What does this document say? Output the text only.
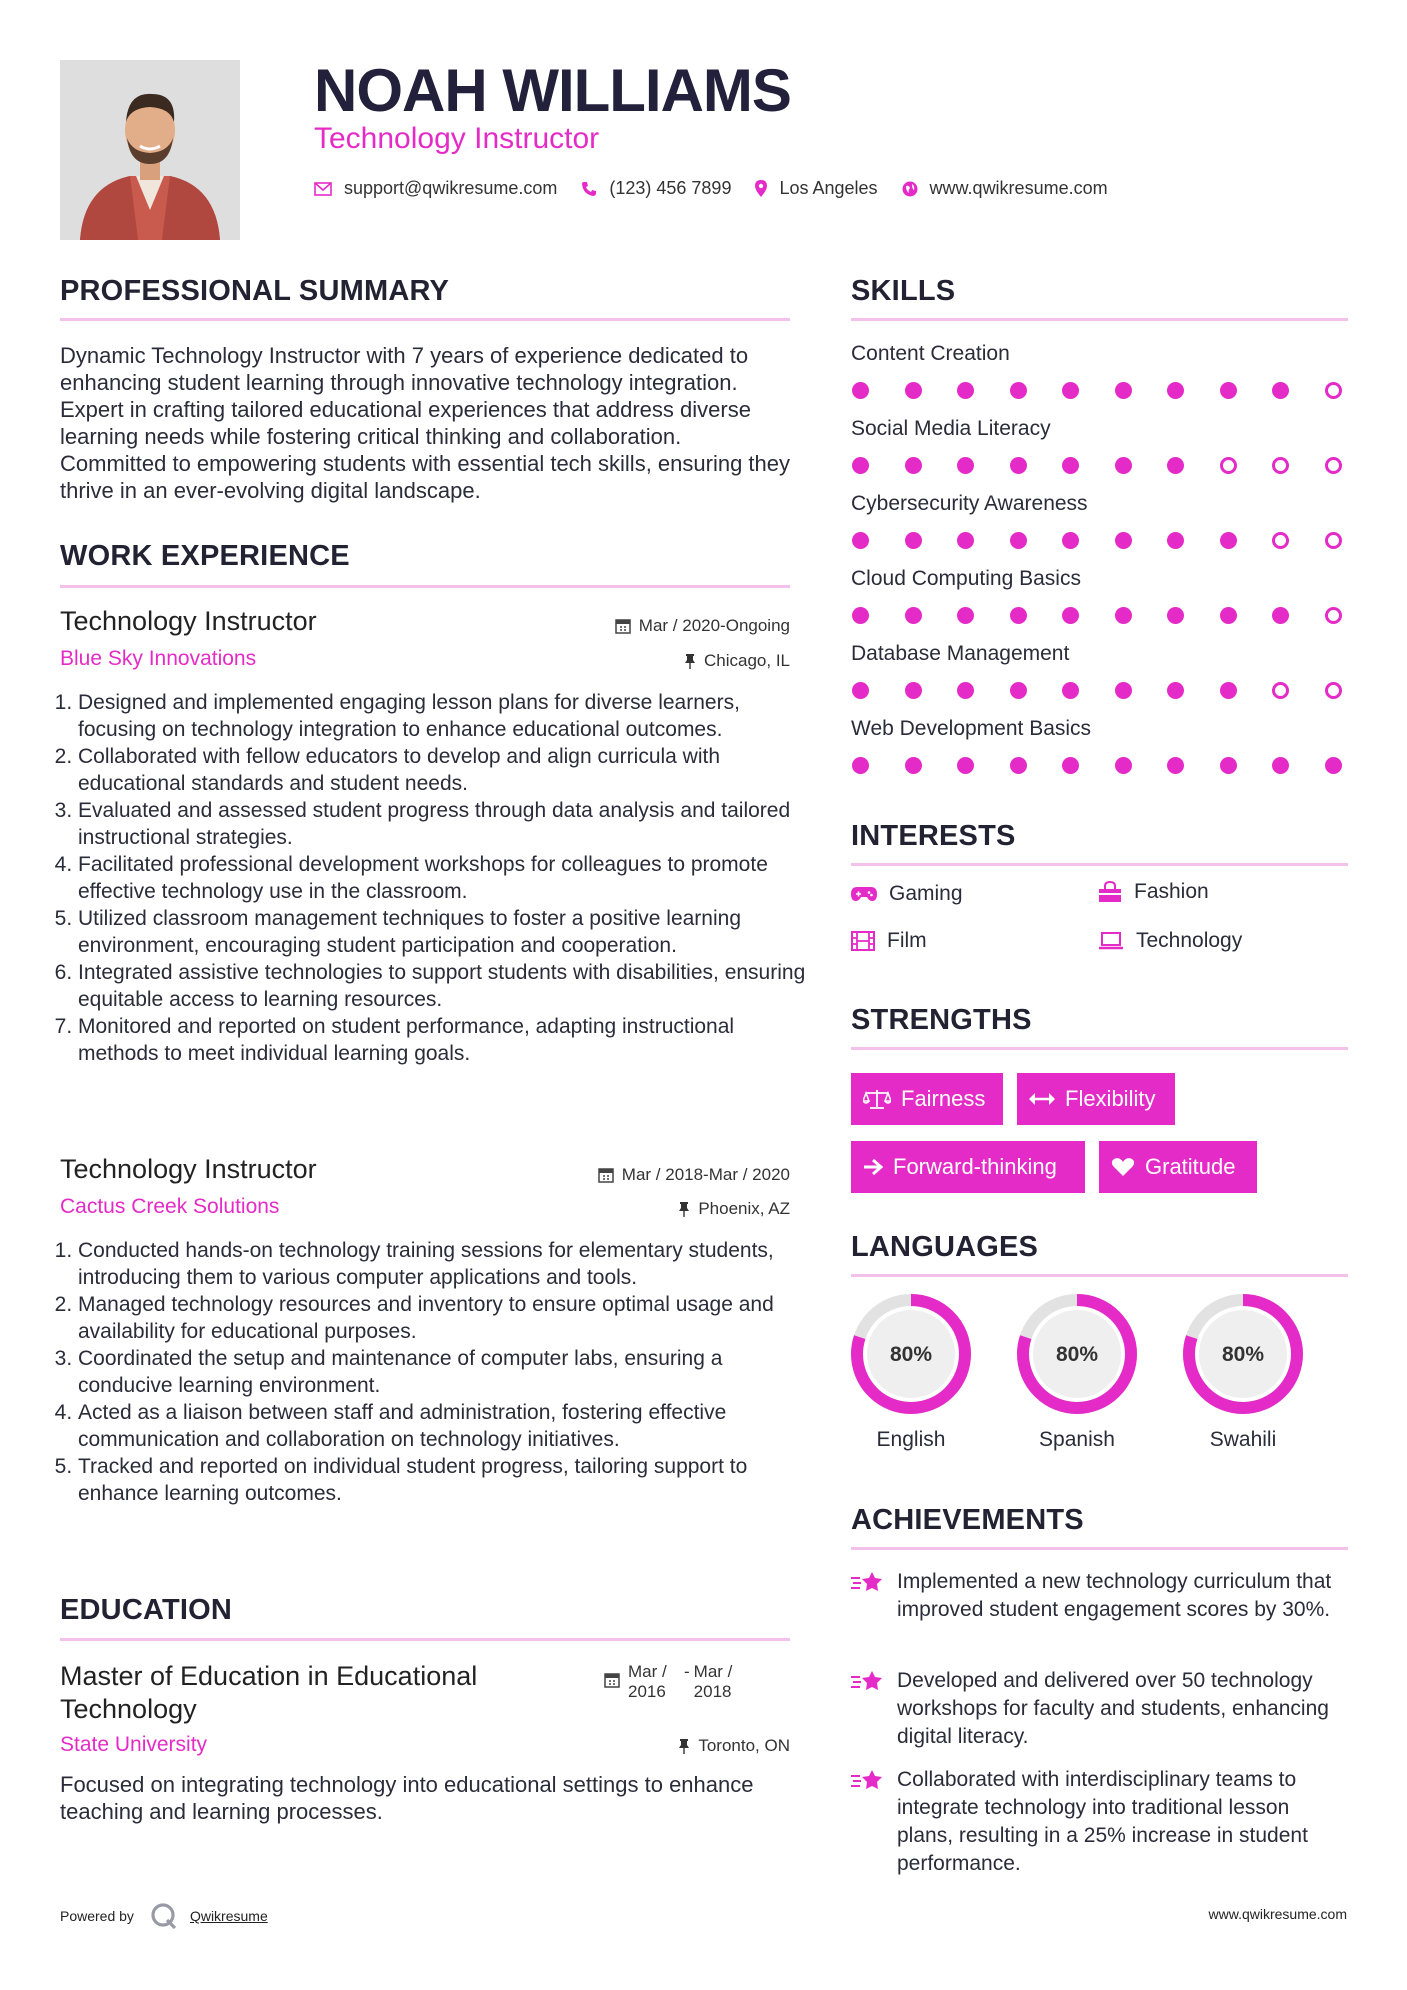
NOAH WILLIAMS
Technology Instructor
support@qwikresume.com	(123) 456 7899	Los Angeles	www.qwikresume.com
PROFESSIONAL SUMMARY
Dynamic Technology Instructor with 7 years of experience dedicated to enhancing student learning through innovative technology integration. Expert in crafting tailored educational experiences that address diverse learning needs while fostering critical thinking and collaboration. Committed to empowering students with essential tech skills, ensuring they thrive in an ever-evolving digital landscape.
WORK EXPERIENCE
Technology Instructor	Mar / 2020-Ongoing
Blue Sky Innovations	Chicago, IL
1. Designed and implemented engaging lesson plans for diverse learners, focusing on technology integration to enhance educational outcomes.
2. Collaborated with fellow educators to develop and align curricula with educational standards and student needs.
3. Evaluated and assessed student progress through data analysis and tailored instructional strategies.
4. Facilitated professional development workshops for colleagues to promote effective technology use in the classroom.
5. Utilized classroom management techniques to foster a positive learning environment, encouraging student participation and cooperation.
6. Integrated assistive technologies to support students with disabilities, ensuring equitable access to learning resources.
7. Monitored and reported on student performance, adapting instructional methods to meet individual learning goals.
Technology Instructor	Mar / 2018-Mar / 2020
Cactus Creek Solutions	Phoenix, AZ
1. Conducted hands-on technology training sessions for elementary students, introducing them to various computer applications and tools.
2. Managed technology resources and inventory to ensure optimal usage and availability for educational purposes.
3. Coordinated the setup and maintenance of computer labs, ensuring a conducive learning environment.
4. Acted as a liaison between staff and administration, fostering effective communication and collaboration on technology initiatives.
5. Tracked and reported on individual student progress, tailoring support to enhance learning outcomes.
EDUCATION
Master of Education in Educational Technology
Mar / 2016
- Mar / 2018
State University	Toronto, ON
Focused on integrating technology into educational settings to enhance teaching and learning processes.
SKILLS
Content Creation
Social Media Literacy
Cybersecurity Awareness
Cloud Computing Basics
Database Management
Web Development Basics
INTERESTS
Gaming	Fashion
Film	Technology
STRENGTHS
Fairness	Flexibility
Forward-thinking	Gratitude
LANGUAGES
80%
English
80%
Spanish
80%
Swahili
ACHIEVEMENTS
Implemented a new technology curriculum that improved student engagement scores by 30%.
Developed and delivered over 50 technology workshops for faculty and students, enhancing digital literacy.
Collaborated with interdisciplinary teams to integrate technology into traditional lesson plans, resulting in a 25% increase in student performance.
Powered by	Qwikresume	www.qwikresume.com
